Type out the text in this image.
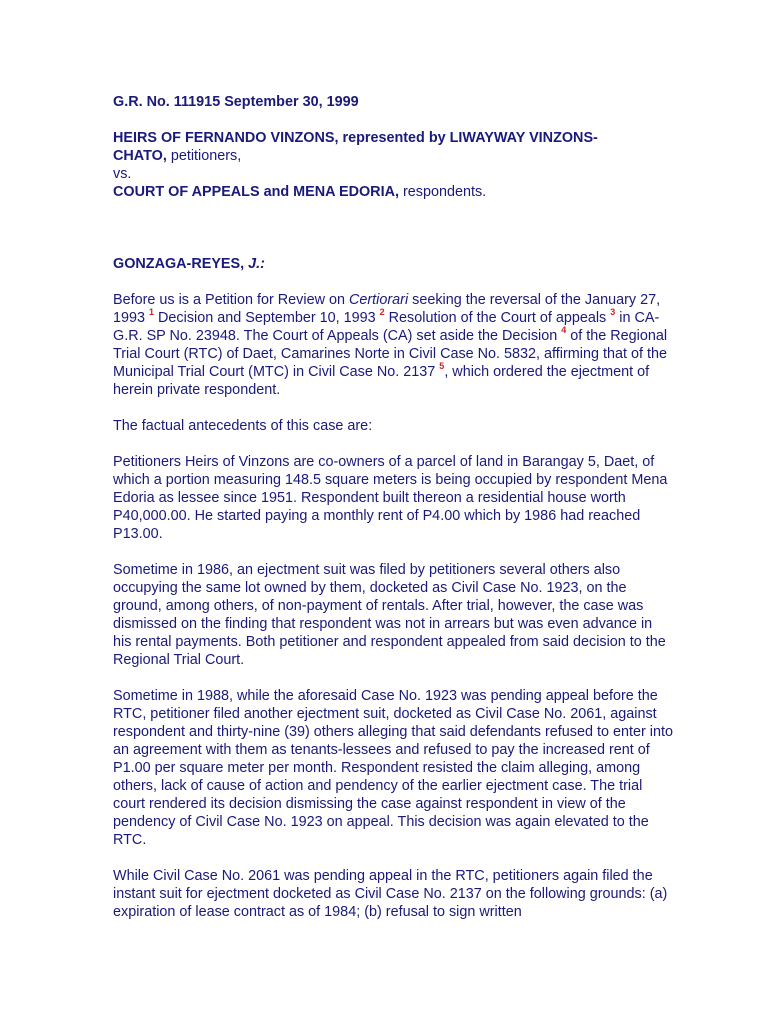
G.R. No. 111915 September 30, 1999

HEIRS OF FERNANDO VINZONS, represented by LIWAYWAY VINZONS-
CHATO, petitioners,
vs.
COURT OF APPEALS and MENA EDORIA, respondents.

GONZAGA-REYES, J.:

Before us is a Petition for Review on Certiorari seeking the reversal of the January 27, 1993 $^1$ Decision and September 10, 1993 $^2$ Resolution of the Court of appeals $^3$ in CA-G.R. SP No. 23948. The Court of Appeals (CA) set aside the Decision $^4$ of the Regional Trial Court (RTC) of Daet, Camarines Norte in Civil Case No. 5832, affirming that of the Municipal Trial Court (MTC) in Civil Case No. 2137 $^5$, which ordered the ejectment of herein private respondent.

The factual antecedents of this case are:

Petitioners Heirs of Vinzons are co-owners of a parcel of land in Barangay 5, Daet, of which a portion measuring 148.5 square meters is being occupied by respondent Mena Edoria as lessee since 1951. Respondent built thereon a residential house worth P40,000.00. He started paying a monthly rent of P4.00 which by 1986 had reached P13.00.

Sometime in 1986, an ejectment suit was filed by petitioners several others also occupying the same lot owned by them, docketed as Civil Case No. 1923, on the ground, among others, of non-payment of rentals. After trial, however, the case was dismissed on the finding that respondent was not in arrears but was even advance in his rental payments. Both petitioner and respondent appealed from said decision to the Regional Trial Court.

Sometime in 1988, while the aforesaid Case No. 1923 was pending appeal before the RTC, petitioner filed another ejectment suit, docketed as Civil Case No. 2061, against respondent and thirty-nine (39) others alleging that said defendants refused to enter into an agreement with them as tenants-lessees and refused to pay the increased rent of P1.00 per square meter per month. Respondent resisted the claim alleging, among others, lack of cause of action and pendency of the earlier ejectment case. The trial court rendered its decision dismissing the case against respondent in view of the pendency of Civil Case No. 1923 on appeal. This decision was again elevated to the RTC.

While Civil Case No. 2061 was pending appeal in the RTC, petitioners again filed the instant suit for ejectment docketed as Civil Case No. 2137 on the following grounds: (a) expiration of lease contract as of 1984; (b) refusal to sign written
